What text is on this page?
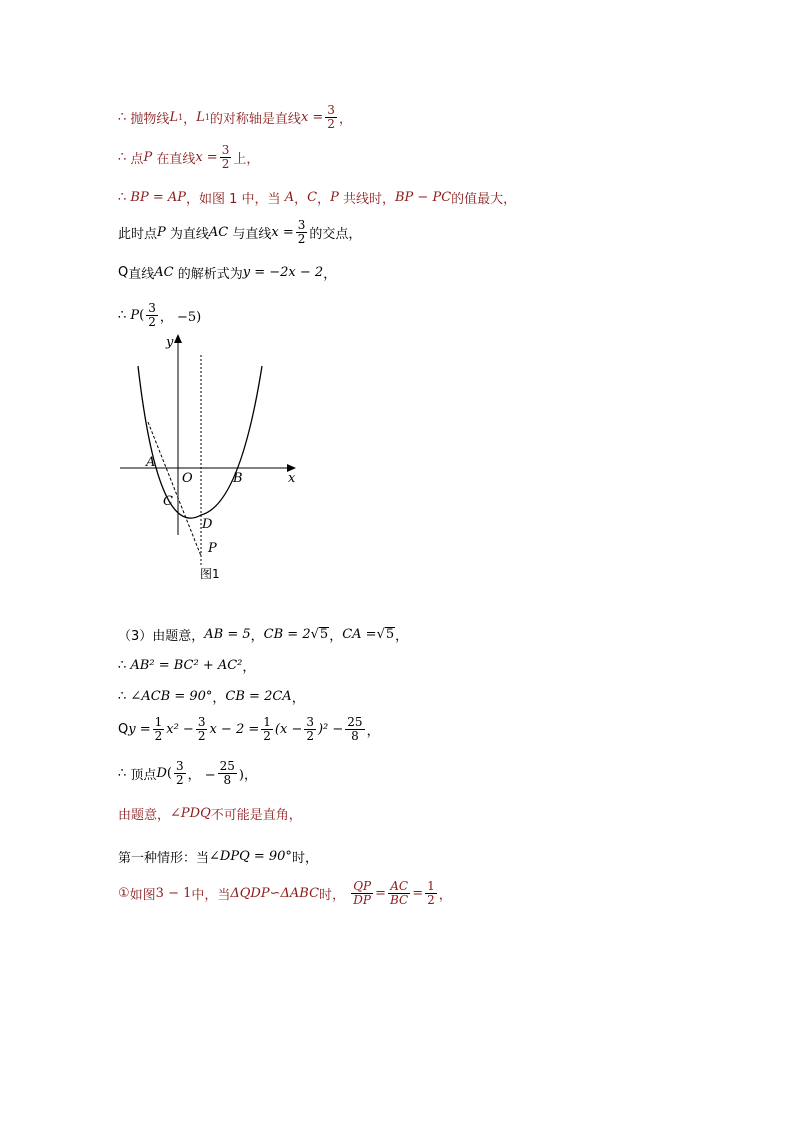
∴
抛物线 L 1 ， L 1 的对称轴是直线 $x = \frac{3}{2}$ ，
∴
点 P
在直线 $x = \frac{3}{2}$ 上，
∴
BP = AP ，如图 1 中，当
A ， C ， P
共线时， BP − PC 的值最大，
此时点 P
为直线 AC
与直线 $x = \frac{3}{2}$ 的交点，
Q 直线 AC
的解析式为 y = −2x − 2 ，
∴
P ( $\frac{3}{2}$ ， −5)
y
x
A
O	B
C
D
P
图1
（3）由题意， AB = 5 ， CB = 2 √ 5 ， CA = √ 5 ，
∴
AB² = BC² + AC² ，
∴
∠ACB = 90° ， CB = 2CA ，
Q $y = \frac{1}{2} x^2 - \frac{3}{2}$ $x - 2 = \frac{1}{2} (x - \frac{3}{2} )^2 - \frac{25}{8}$ ，
∴
顶点 D ( $\frac{3}{2}$ ， − $\frac{25}{8}$ )，
由题意， ∠PDQ 不可能是直角，
第一种情形：当 ∠DPQ = 90° 时，
① 如图 3 − 1 中，当 ΔQDP∽ΔABC 时，
$\frac{QP}{DP} = \frac{AC}{BC} = \frac{1}{2}$ ，
